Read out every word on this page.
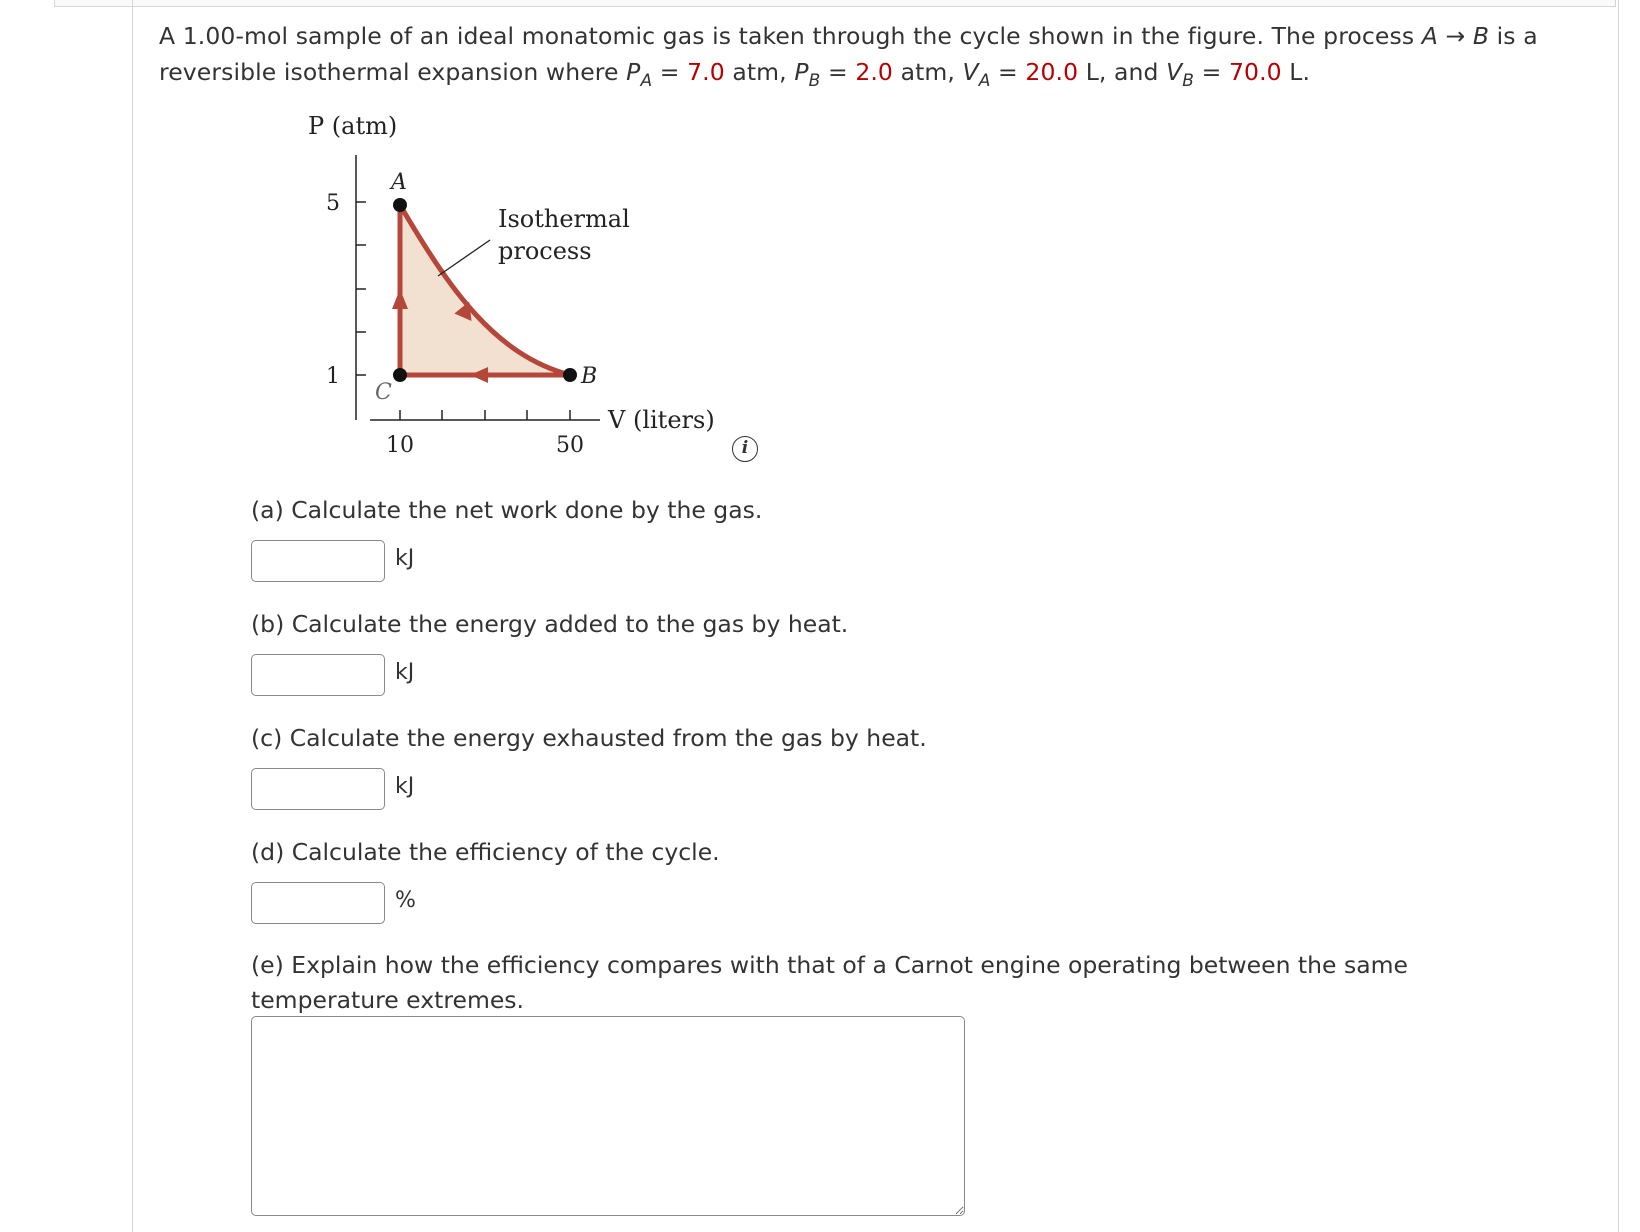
A 1.00-mol sample of an ideal monatomic gas is taken through the cycle shown in the figure. The process A → B is a reversible isothermal expansion where $P_A = 7.0$ atm, $P_B = 2.0$ atm, $V_A = 20.0$ L, and $V_B = 70.0$ L.
P (atm)
V (liters)
5
1
10	50
A
B
C
Isothermal
process
i
(a) Calculate the net work done by the gas.
kJ
(b) Calculate the energy added to the gas by heat.
kJ
(c) Calculate the energy exhausted from the gas by heat.
kJ
(d) Calculate the efficiency of the cycle.
%
(e) Explain how the efficiency compares with that of a Carnot engine operating between the same temperature extremes.
